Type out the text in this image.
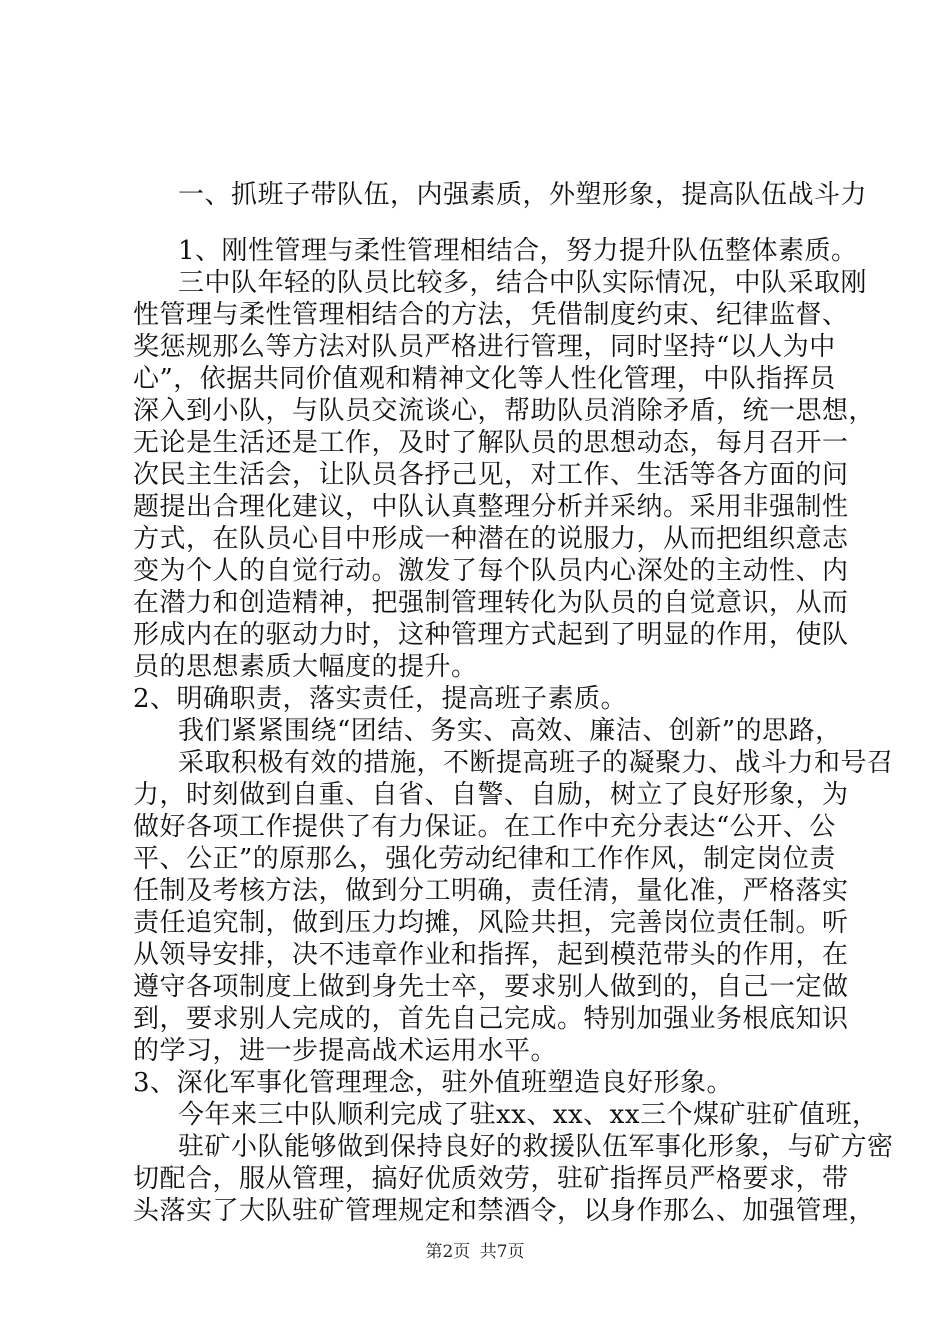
一、抓班子带队伍，内强素质，外塑形象，提高队伍战斗力
1、刚性管理与柔性管理相结合，努力提升队伍整体素质。
三中队年轻的队员比较多，结合中队实际情况，中队采取刚
性管理与柔性管理相结合的方法，凭借制度约束、纪律监督、
奖惩规那么等方法对队员严格进行管理，同时坚持“以人为中
心”，依据共同价值观和精神文化等人性化管理，中队指挥员
深入到小队，与队员交流谈心，帮助队员消除矛盾，统一思想，
无论是生活还是工作，及时了解队员的思想动态，每月召开一
次民主生活会，让队员各抒己见，对工作、生活等各方面的问
题提出合理化建议，中队认真整理分析并采纳。采用非强制性
方式，在队员心目中形成一种潜在的说服力，从而把组织意志
变为个人的自觉行动。激发了每个队员内心深处的主动性、内
在潜力和创造精神，把强制管理转化为队员的自觉意识，从而
形成内在的驱动力时，这种管理方式起到了明显的作用，使队
员的思想素质大幅度的提升。
2、明确职责，落实责任，提高班子素质。
我们紧紧围绕“团结、务实、高效、廉洁、创新”的思路，
采取积极有效的措施，不断提高班子的凝聚力、战斗力和号召
力，时刻做到自重、自省、自警、自励，树立了良好形象，为
做好各项工作提供了有力保证。在工作中充分表达“公开、公
平、公正”的原那么，强化劳动纪律和工作作风，制定岗位责
任制及考核方法，做到分工明确，责任清，量化准，严格落实
责任追究制，做到压力均摊，风险共担，完善岗位责任制。听
从领导安排，决不违章作业和指挥，起到模范带头的作用，在
遵守各项制度上做到身先士卒，要求别人做到的，自己一定做
到，要求别人完成的，首先自己完成。特别加强业务根底知识
的学习，进一步提高战术运用水平。
3、深化军事化管理理念，驻外值班塑造良好形象。
今年来三中队顺利完成了驻xx、xx、xx三个煤矿驻矿值班，
驻矿小队能够做到保持良好的救援队伍军事化形象，与矿方密
切配合，服从管理，搞好优质效劳，驻矿指挥员严格要求，带
头落实了大队驻矿管理规定和禁酒令，以身作那么、加强管理，
第2页 共7页
